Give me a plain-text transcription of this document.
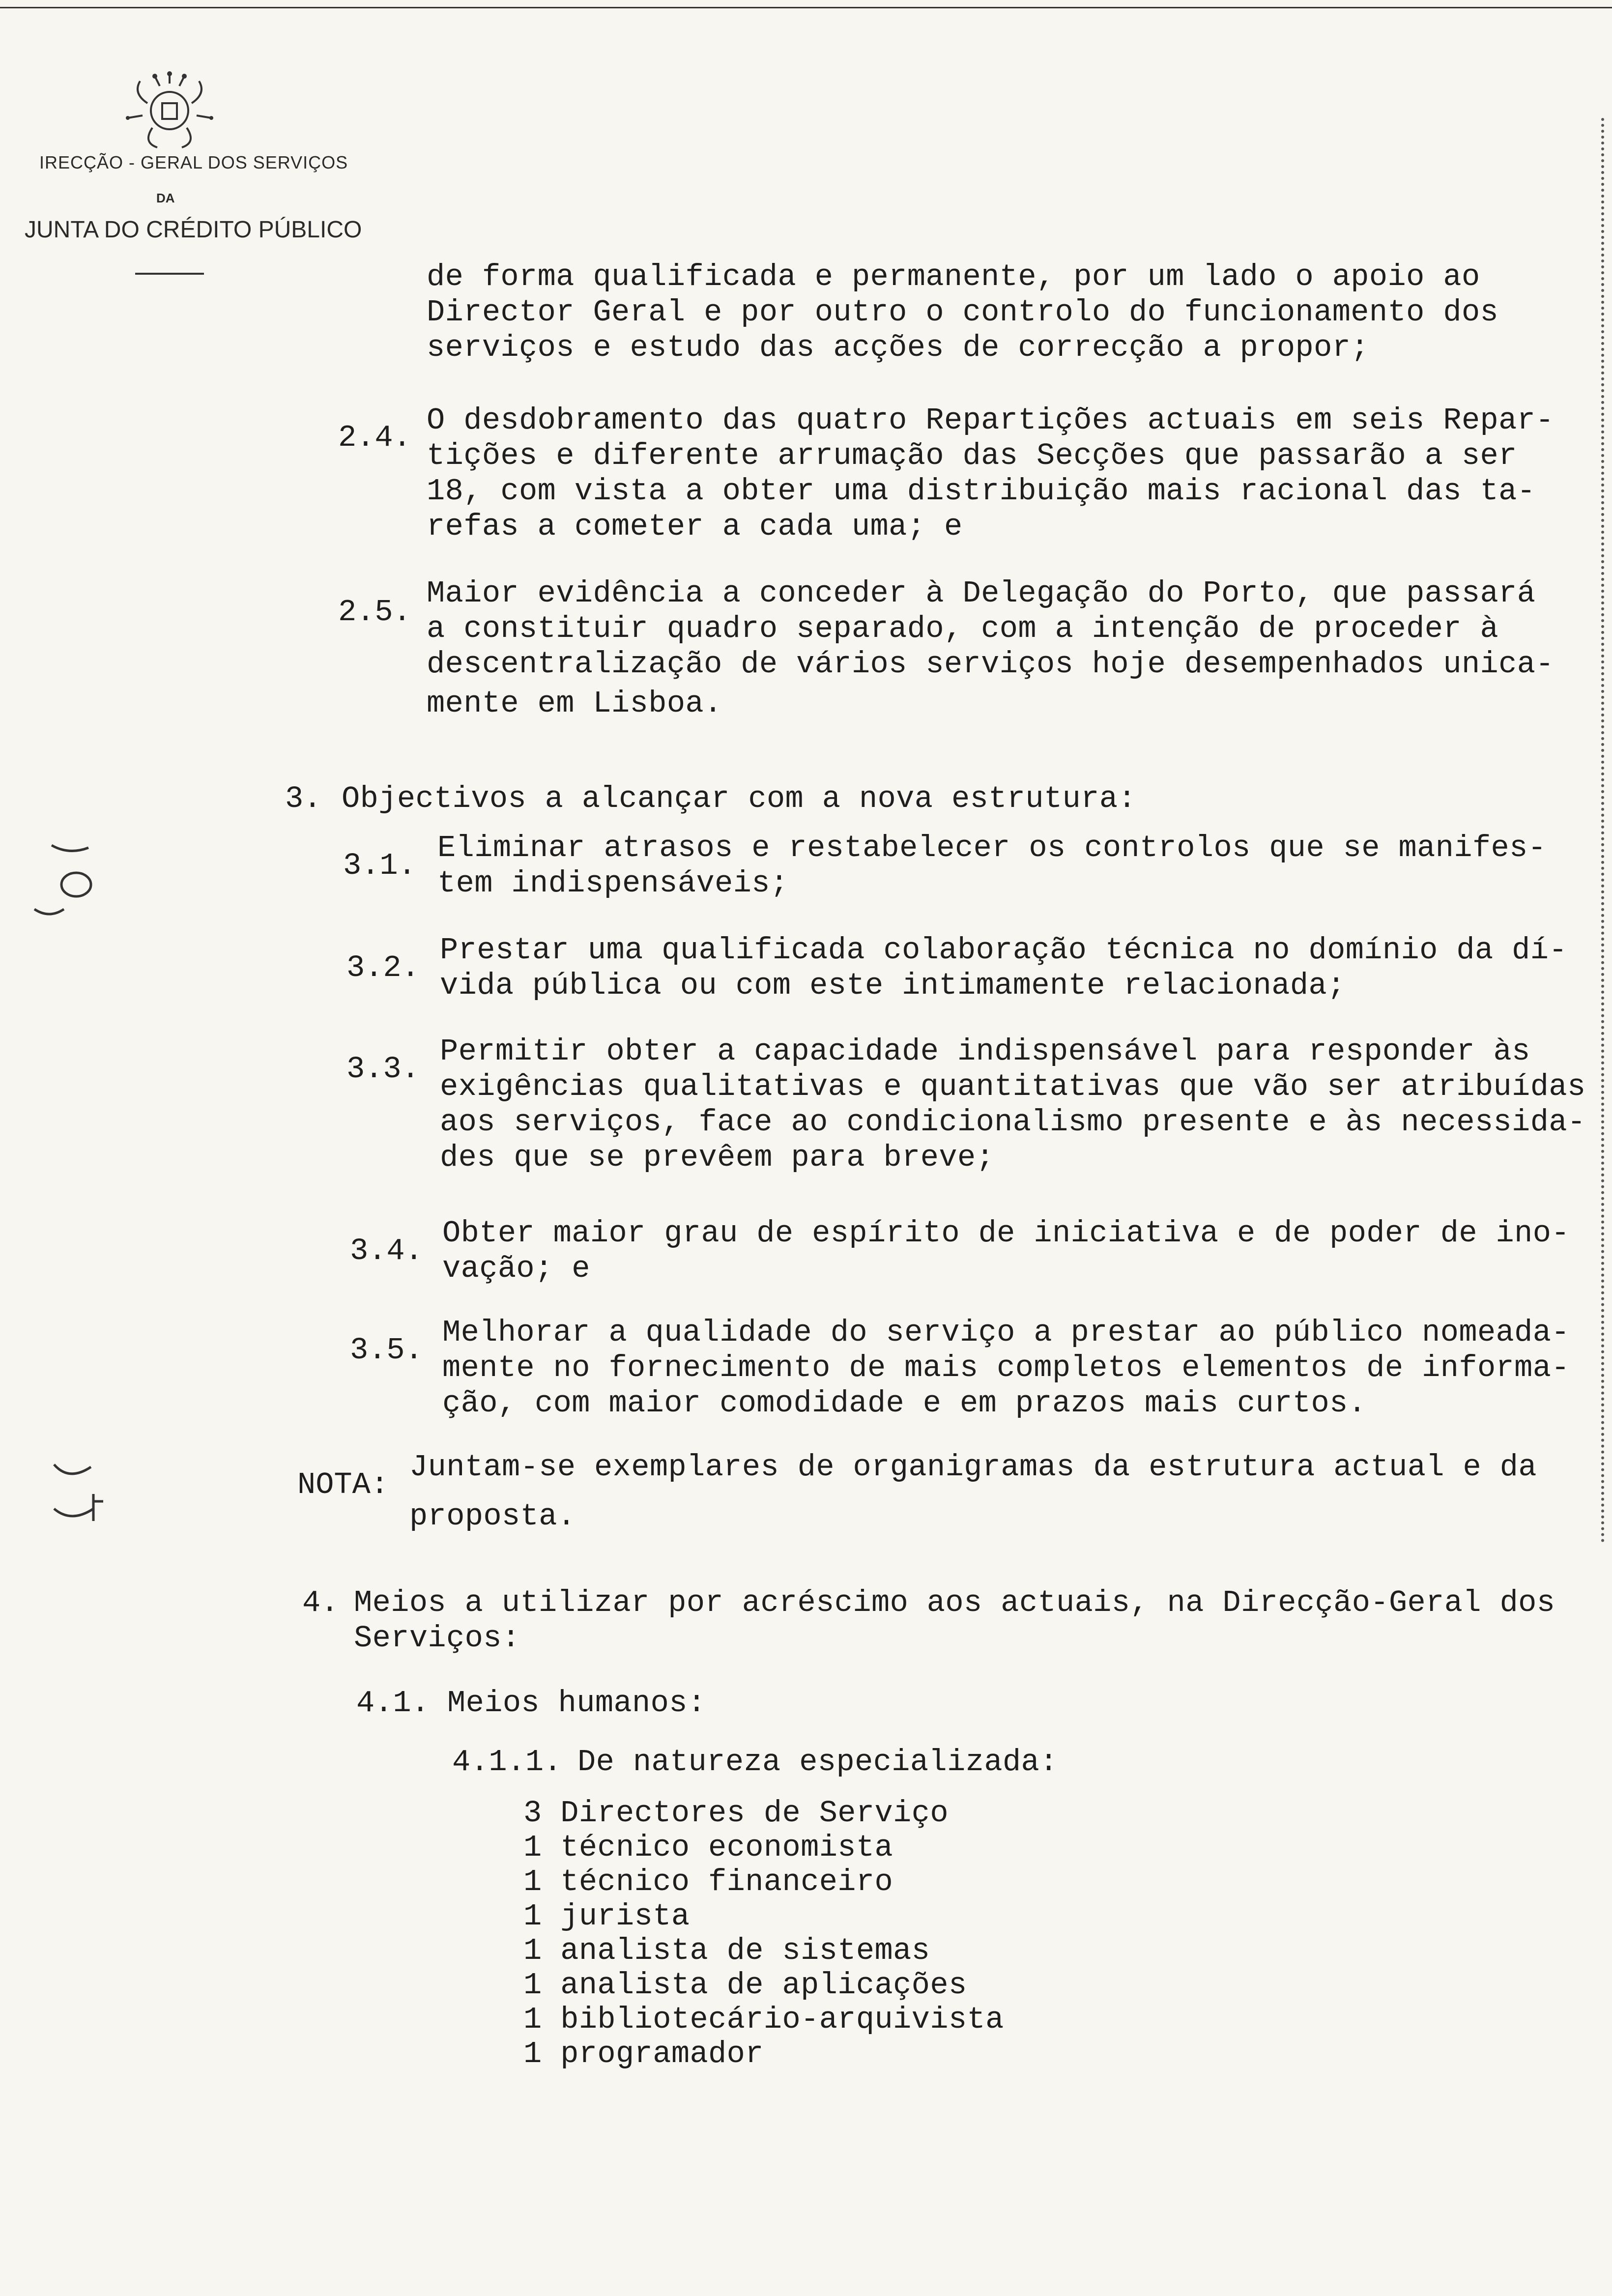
IRECÇÃO - GERAL DOS SERVIÇOS
DA
JUNTA DO CRÉDITO PÚBLICO
de forma qualificada e permanente, por um lado o apoio ao
Director Geral e por outro o controlo do funcionamento dos
serviços e estudo das acções de correcção a propor;
2.4. O desdobramento das quatro Repartições actuais em seis Repar-
tições e diferente arrumação das Secções que passarão a ser
18, com vista a obter uma distribuição mais racional das ta-
refas a cometer a cada uma; e
2.5.
Maior evidência a conceder à Delegação do Porto, que passará
a constituir quadro separado, com a intenção de proceder à
descentralização de vários serviços hoje desempenhados unica-
mente em Lisboa.
3. Objectivos a alcançar com a nova estrutura:
3.1.
Eliminar atrasos e restabelecer os controlos que se manifes-
tem indispensáveis;
3.2.
Prestar uma qualificada colaboração técnica no domínio da dí-
vida pública ou com este intimamente relacionada;
3.3.
Permitir obter a capacidade indispensável para responder às
exigências qualitativas e quantitativas que vão ser atribuídas
aos serviços, face ao condicionalismo presente e às necessida-
des que se prevêem para breve;
3.4.
Obter maior grau de espírito de iniciativa e de poder de ino-
vação; e
3.5.
Melhorar a qualidade do serviço a prestar ao público nomeada-
mente no fornecimento de mais completos elementos de informa-
ção, com maior comodidade e em prazos mais curtos.
NOTA:
Juntam-se exemplares de organigramas da estrutura actual e da
proposta.
4. Meios a utilizar por acréscimo aos actuais, na Direcção-Geral dos
Serviços:
4.1. Meios humanos:
4.1.1. De natureza especializada:
3 Directores de Serviço
1 técnico economista
1 técnico financeiro
1 jurista
1 analista de sistemas
1 analista de aplicações
1 bibliotecário-arquivista
1 programador
